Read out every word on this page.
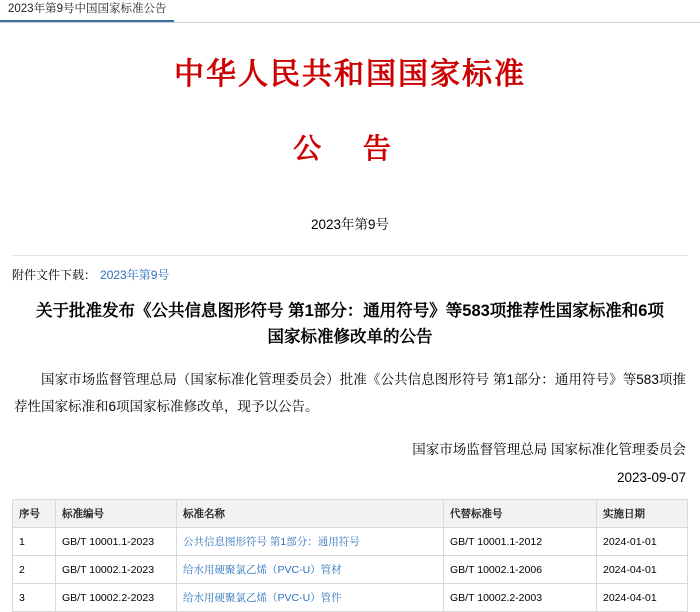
2023年第9号中国国家标准公告
中华人民共和国国家标准
公 告
2023年第9号
附件文件下载： 2023年第9号
关于批准发布《公共信息图形符号 第1部分：通用符号》等583项推荐性国家标准和6项国家标准修改单的公告
国家市场监督管理总局（国家标准化管理委员会）批准《公共信息图形符号 第1部分：通用符号》等583项推荐性国家标准和6项国家标准修改单，现予以公告。
国家市场监督管理总局 国家标准化管理委员会
2023-09-07
序号	标准编号	标准名称	代替标准号	实施日期
1	GB/T 10001.1-2023	公共信息图形符号 第1部分：通用符号	GB/T 10001.1-2012	2024-01-01
2	GB/T 10002.1-2023	给水用硬聚氯乙烯（PVC-U）管材	GB/T 10002.1-2006	2024-04-01
3	GB/T 10002.2-2023	给水用硬聚氯乙烯（PVC-U）管件	GB/T 10002.2-2003	2024-04-01
